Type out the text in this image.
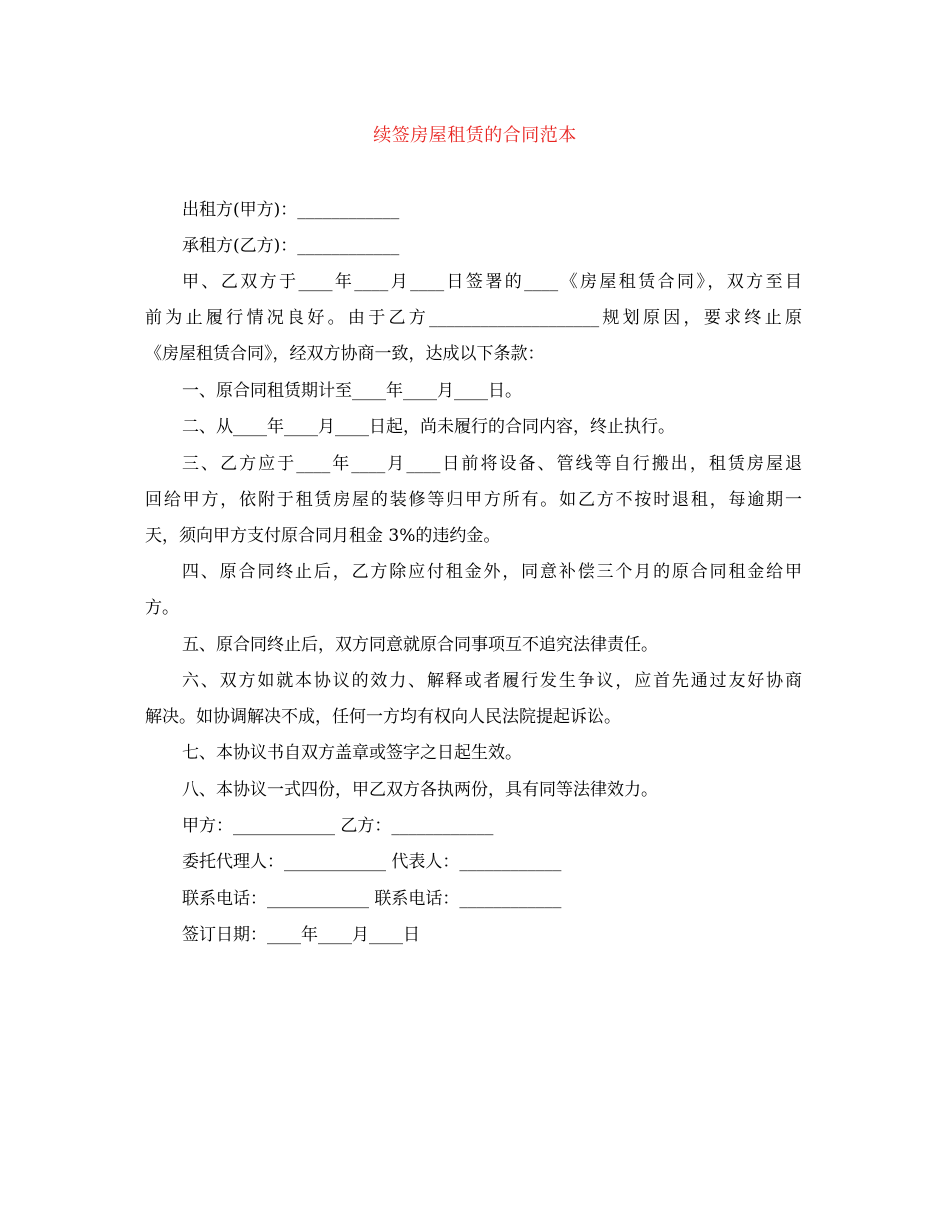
续签房屋租赁的合同范本
出租方(甲方)：____________
承租方(乙方)：____________
甲、乙双方于____年____月____日签署的____《房屋租赁合同》，双方至目
前为止履行情况良好。由于乙方____________________规划原因，要求终止原
《房屋租赁合同》，经双方协商一致，达成以下条款：
一、原合同租赁期计至____年____月____日。
二、从____年____月____日起，尚未履行的合同内容，终止执行。
三、乙方应于____年____月____日前将设备、管线等自行搬出，租赁房屋退
回给甲方，依附于租赁房屋的装修等归甲方所有。如乙方不按时退租，每逾期一
天，须向甲方支付原合同月租金 3%的违约金。
四、原合同终止后，乙方除应付租金外，同意补偿三个月的原合同租金给甲
方。
五、原合同终止后，双方同意就原合同事项互不追究法律责任。
六、双方如就本协议的效力、解释或者履行发生争议，应首先通过友好协商
解决。如协调解决不成，任何一方均有权向人民法院提起诉讼。
七、本协议书自双方盖章或签字之日起生效。
八、本协议一式四份，甲乙双方各执两份，具有同等法律效力。
甲方：____________ 乙方：____________
委托代理人：____________ 代表人：____________
联系电话：____________ 联系电话：____________
签订日期：____年____月____日
